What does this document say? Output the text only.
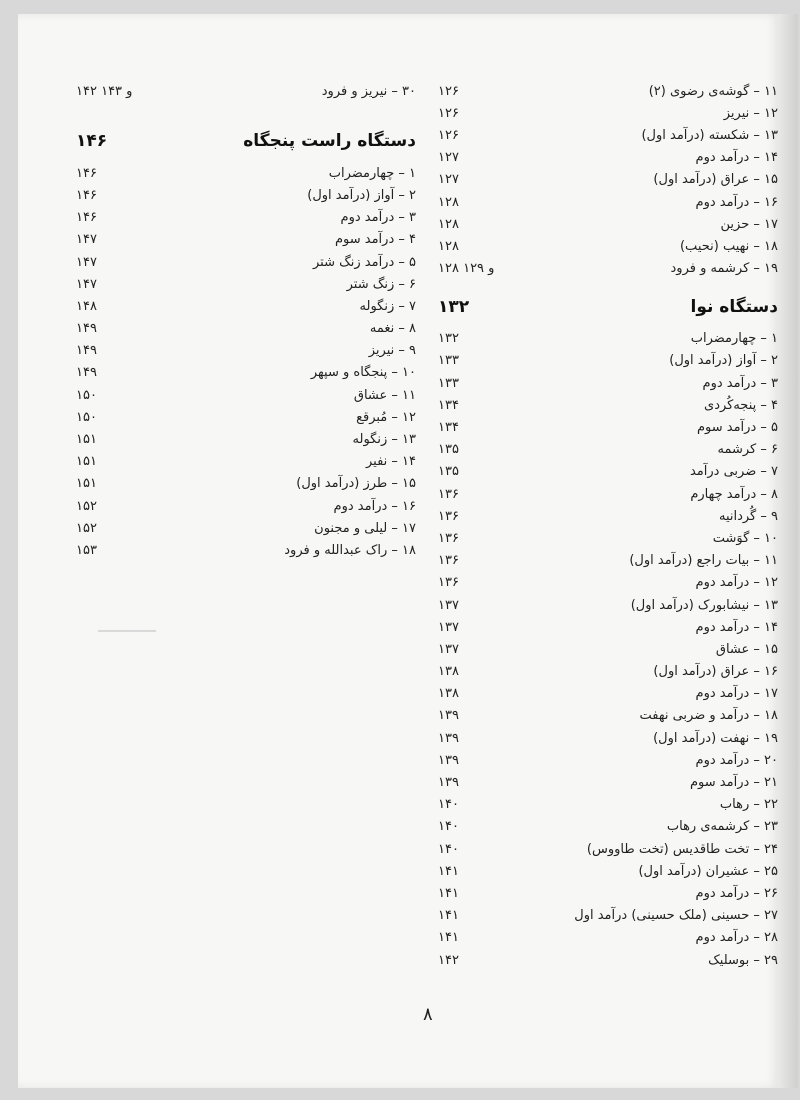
‏‏‏━━━━━━━━
۱۱ – گوشه‌ی رضوی (۲)
۱۲۶
۱۲ – نیریز
۱۲۶
۱۳ – شکسته (درآمد اول)
۱۲۶
۱۴ – درآمد دوم
۱۲۷
۱۵ – عراق (درآمد اول)
۱۲۷
۱۶ – درآمد دوم
۱۲۸
۱۷ – حزین
۱۲۸
۱۸ – نهیب (نحیب)
۱۲۸
۱۹ – کرشمه و فرود
۱۲۸ و ۱۲۹
دستگاه نوا
۱۳۲
۱ – چهارمضراب
۱۳۲
۲ – آواز (درآمد اول)
۱۳۳
۳ – درآمد دوم
۱۳۳
۴ – پنجه‌کُردی
۱۳۴
۵ – درآمد سوم
۱۳۴
۶ – کرشمه
۱۳۵
۷ – ضربی درآمد
۱۳۵
۸ – درآمد چهارم
۱۳۶
۹ – گُردانیه
۱۳۶
۱۰ – گوَشت
۱۳۶
۱۱ – بیات راجع (درآمد اول)
۱۳۶
۱۲ – درآمد دوم
۱۳۶
۱۳ – نیشابورک (درآمد اول)
۱۳۷
۱۴ – درآمد دوم
۱۳۷
۱۵ – عشاق
۱۳۷
۱۶ – عراق (درآمد اول)
۱۳۸
۱۷ – درآمد دوم
۱۳۸
۱۸ – درآمد و ضربی نهفت
۱۳۹
۱۹ – نهفت (درآمد اول)
۱۳۹
۲۰ – درآمد دوم
۱۳۹
۲۱ – درآمد سوم
۱۳۹
۲۲ – رهاب
۱۴۰
۲۳ – کرشمه‌ی رهاب
۱۴۰
۲۴ – تخت طاقدیس (تخت طاووس)
۱۴۰
۲۵ – عشیران (درآمد اول)
۱۴۱
۲۶ – درآمد دوم
۱۴۱
۲۷ – حسینی (ملک حسینی) درآمد اول
۱۴۱
۲۸ – درآمد دوم
۱۴۱
۲۹ – بوسلیک
۱۴۲
۳۰ – نیریز و فرود
۱۴۲ و ۱۴۳
دستگاه راست پنجگاه
۱۴۶
۱ – چهارمضراب
۱۴۶
۲ – آواز (درآمد اول)
۱۴۶
۳ – درآمد دوم
۱۴۶
۴ – درآمد سوم
۱۴۷
۵ – درآمد زنگ شتر
۱۴۷
۶ – زنگ شتر
۱۴۷
۷ – زنگوله
۱۴۸
۸ – نغمه
۱۴۹
۹ – نیریز
۱۴۹
۱۰ – پنجگاه و سپهر
۱۴۹
۱۱ – عشاق
۱۵۰
۱۲ – مُبرقع
۱۵۰
۱۳ – زنگوله
۱۵۱
۱۴ – نفیر
۱۵۱
۱۵ – طرز (درآمد اول)
۱۵۱
۱۶ – درآمد دوم
۱۵۲
۱۷ – لیلی و مجنون
۱۵۲
۱۸ – راک عبدالله و فرود
۱۵۳
۸
